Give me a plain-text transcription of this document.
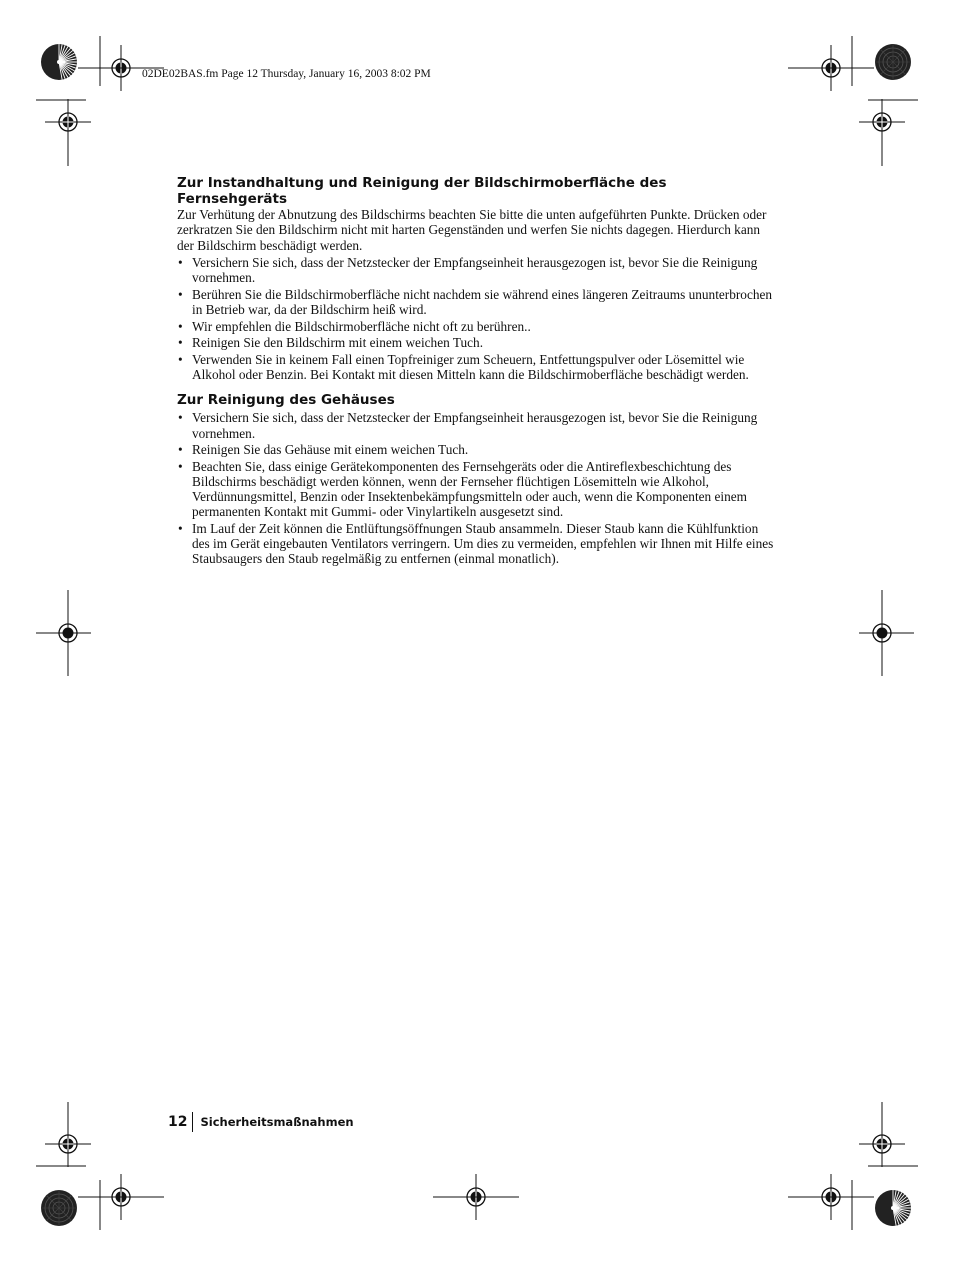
02DE02BAS.fm Page 12 Thursday, January 16, 2003 8:02 PM
Zur Instandhaltung und Reinigung der Bildschirmoberfläche des Fernsehgeräts

Zur Verhütung der Abnutzung des Bildschirms beachten Sie bitte die unten aufgeführten Punkte. Drücken oder zerkratzen Sie den Bildschirm nicht mit harten Gegenständen und werfen Sie nichts dagegen. Hierdurch kann der Bildschirm beschädigt werden.

• Versichern Sie sich, dass der Netzstecker der Empfangseinheit herausgezogen ist, bevor Sie die Reinigung vornehmen.
• Berühren Sie die Bildschirmoberfläche nicht nachdem sie während eines längeren Zeitraums ununterbrochen in Betrieb war, da der Bildschirm heiß wird.
• Wir empfehlen die Bildschirmoberfläche nicht oft zu berühren..
• Reinigen Sie den Bildschirm mit einem weichen Tuch.
• Verwenden Sie in keinem Fall einen Topfreiniger zum Scheuern, Entfettungspulver oder Lösemittel wie Alkohol oder Benzin. Bei Kontakt mit diesen Mitteln kann die Bildschirmoberfläche beschädigt werden.
Zur Reinigung des Gehäuses
• Versichern Sie sich, dass der Netzstecker der Empfangseinheit herausgezogen ist, bevor Sie die Reinigung vornehmen.
• Reinigen Sie das Gehäuse mit einem weichen Tuch.
• Beachten Sie, dass einige Gerätekomponenten des Fernsehgeräts oder die Antireflexbeschichtung des Bildschirms beschädigt werden können, wenn der Fernseher flüchtigen Lösemitteln wie Alkohol, Verdünnungsmittel, Benzin oder Insektenbekämpfungsmitteln oder auch, wenn die Komponenten einem permanenten Kontakt mit Gummi- oder Vinylartikeln ausgesetzt sind.
• Im Lauf der Zeit können die Entlüftungsöffnungen Staub ansammeln. Dieser Staub kann die Kühlfunktion des im Gerät eingebauten Ventilators verringern. Um dies zu vermeiden, empfehlen wir Ihnen mit Hilfe eines Staubsaugers den Staub regelmäßig zu entfernen (einmal monatlich).
12 Sicherheitsmaßnahmen
